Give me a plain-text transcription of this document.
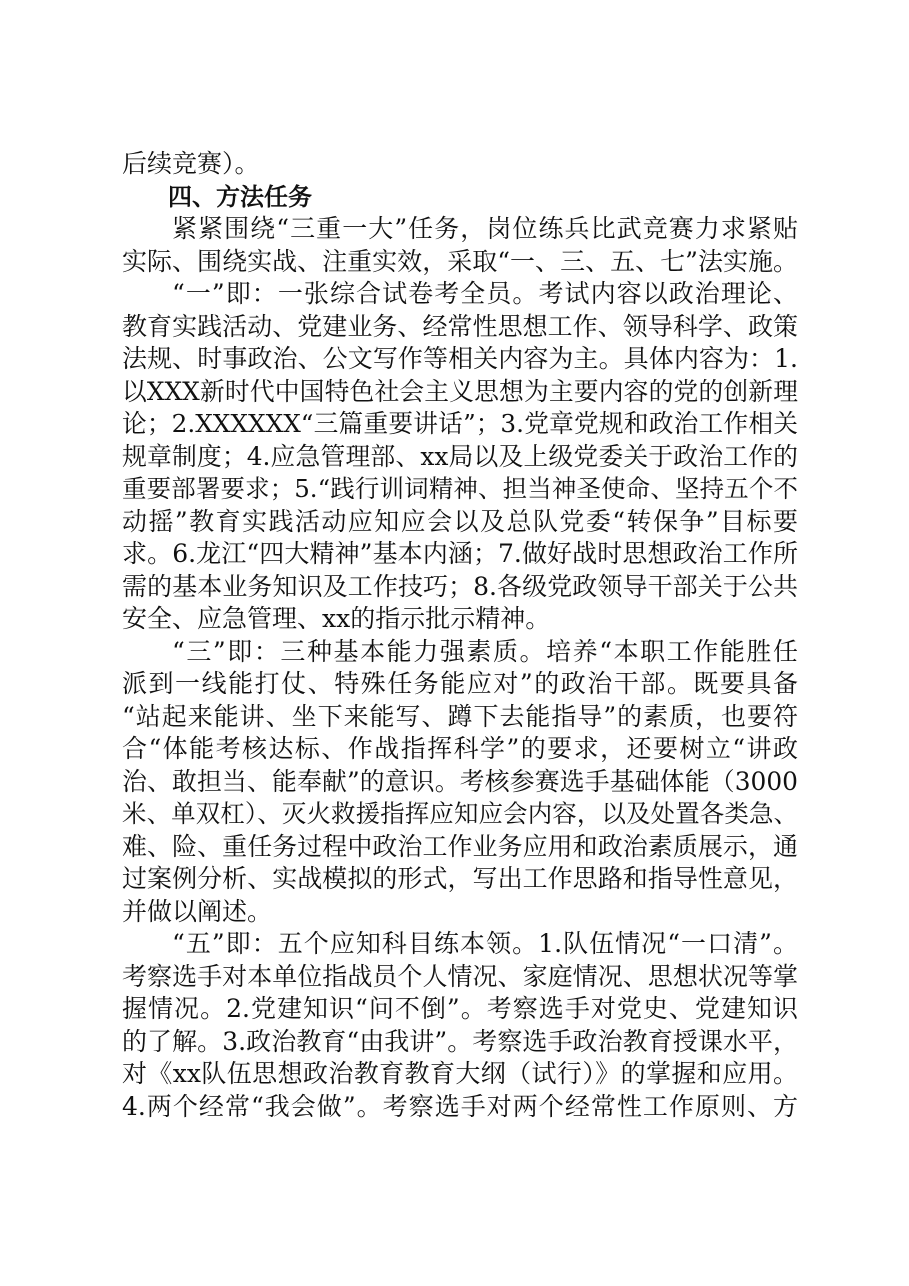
后续竞赛）。
四、方法任务
紧紧围绕“三重一大”任务，岗位练兵比武竞赛力求紧贴
实际、围绕实战、注重实效，采取“一、三、五、七”法实施。
“一”即：一张综合试卷考全员。考试内容以政治理论、
教育实践活动、党建业务、经常性思想工作、领导科学、政策
法规、时事政治、公文写作等相关内容为主。具体内容为：1.
以XXX新时代中国特色社会主义思想为主要内容的党的创新理
论；2.XXXXXX“三篇重要讲话”；3.党章党规和政治工作相关
规章制度；4.应急管理部、xx局以及上级党委关于政治工作的
重要部署要求；5.“践行训词精神、担当神圣使命、坚持五个不
动摇”教育实践活动应知应会以及总队党委“转保争”目标要
求。6.龙江“四大精神”基本内涵；7.做好战时思想政治工作所
需的基本业务知识及工作技巧；8.各级党政领导干部关于公共
安全、应急管理、xx的指示批示精神。
“三”即：三种基本能力强素质。培养“本职工作能胜任
派到一线能打仗、特殊任务能应对”的政治干部。既要具备
“站起来能讲、坐下来能写、蹲下去能指导”的素质，也要符
合“体能考核达标、作战指挥科学”的要求，还要树立“讲政
治、敢担当、能奉献”的意识。考核参赛选手基础体能（3000
米、单双杠）、灭火救援指挥应知应会内容，以及处置各类急、
难、险、重任务过程中政治工作业务应用和政治素质展示，通
过案例分析、实战模拟的形式，写出工作思路和指导性意见，
并做以阐述。
“五”即：五个应知科目练本领。1.队伍情况“一口清”。
考察选手对本单位指战员个人情况、家庭情况、思想状况等掌
握情况。2.党建知识“问不倒”。考察选手对党史、党建知识
的了解。3.政治教育“由我讲”。考察选手政治教育授课水平，
对《xx队伍思想政治教育教育大纲（试行）》的掌握和应用。
4.两个经常“我会做”。考察选手对两个经常性工作原则、方
